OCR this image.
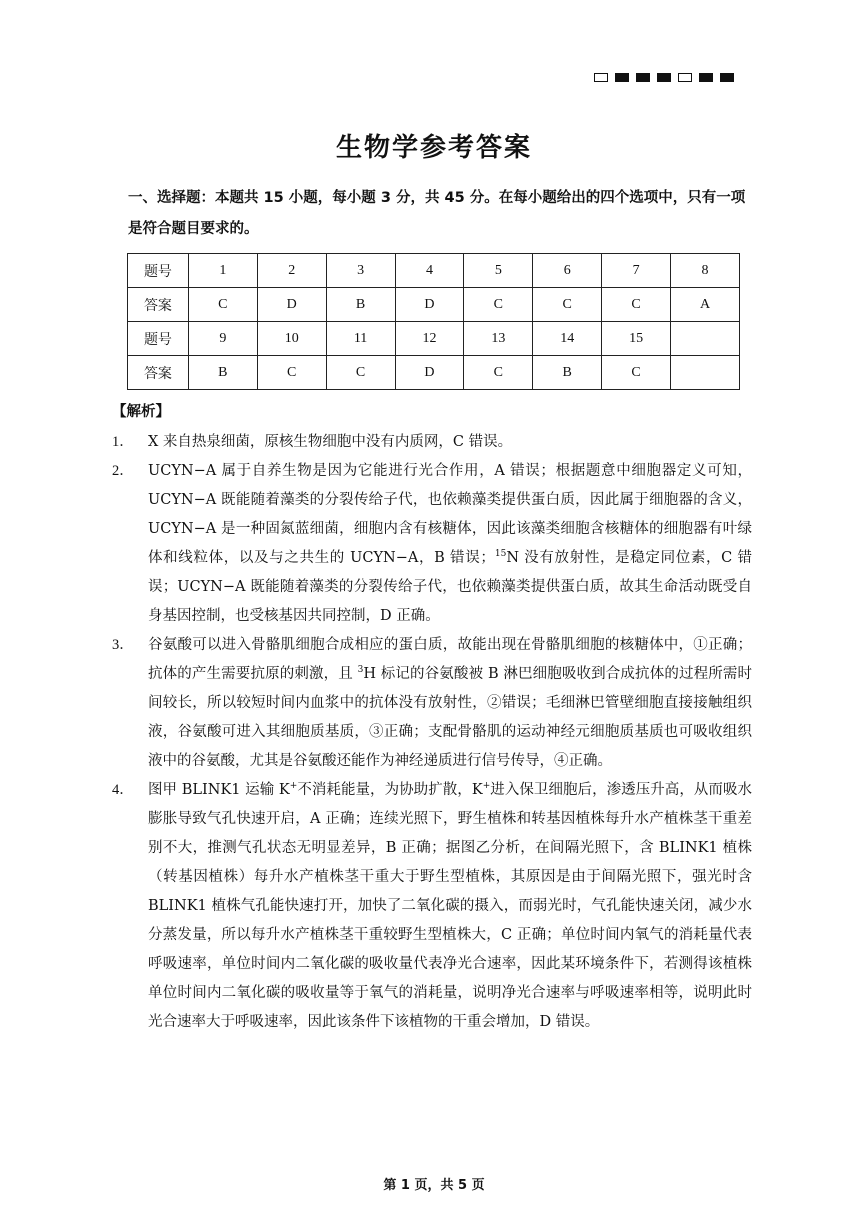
生物学参考答案
一、选择题：本题共 15 小题，每小题 3 分，共 45 分。在每小题给出的四个选项中，只有一项是符合题目要求的。
题号	1	2	3	4	5	6	7	8
答案	C	D	B	D	C	C	C	A
题号	9	10	11	12	13	14	15	
答案	B	C	C	D	C	B	C	
【解析】
1． X 来自热泉细菌，原核生物细胞中没有内质网，C 错误。
2． UCYN−A 属于自养生物是因为它能进行光合作用，A 错误；根据题意中细胞器定义可知，UCYN−A 既能随着藻类的分裂传给子代，也依赖藻类提供蛋白质，因此属于细胞器的含义，UCYN−A 是一种固氮蓝细菌，细胞内含有核糖体，因此该藻类细胞含核糖体的细胞器有叶绿体和线粒体，以及与之共生的 UCYN−A，B 错误；$^{15}$N 没有放射性，是稳定同位素，C 错误；UCYN−A 既能随着藻类的分裂传给子代，也依赖藻类提供蛋白质，故其生命活动既受自身基因控制，也受核基因共同控制，D 正确。
3． 谷氨酸可以进入骨骼肌细胞合成相应的蛋白质，故能出现在骨骼肌细胞的核糖体中，①正确；抗体的产生需要抗原的刺激，且 $^3$H 标记的谷氨酸被 B 淋巴细胞吸收到合成抗体的过程所需时间较长，所以较短时间内血浆中的抗体没有放射性，②错误；毛细淋巴管壁细胞直接接触组织液，谷氨酸可进入其细胞质基质，③正确；支配骨骼肌的运动神经元细胞质基质也可吸收组织液中的谷氨酸，尤其是谷氨酸还能作为神经递质进行信号传导，④正确。
4． 图甲 BLINK1 运输 K+不消耗能量，为协助扩散，K+进入保卫细胞后，渗透压升高，从而吸水膨胀导致气孔快速开启，A 正确；连续光照下，野生植株和转基因植株每升水产植株茎干重差别不大，推测气孔状态无明显差异，B 正确；据图乙分析，在间隔光照下，含 BLINK1 植株（转基因植株）每升水产植株茎干重大于野生型植株，其原因是由于间隔光照下，强光时含 BLINK1 植株气孔能快速打开，加快了二氧化碳的摄入，而弱光时，气孔能快速关闭，减少水分蒸发量，所以每升水产植株茎干重较野生型植株大，C 正确；单位时间内氧气的消耗量代表呼吸速率，单位时间内二氧化碳的吸收量代表净光合速率，因此某环境条件下，若测得该植株单位时间内二氧化碳的吸收量等于氧气的消耗量，说明净光合速率与呼吸速率相等，说明此时光合速率大于呼吸速率，因此该条件下该植物的干重会增加，D 错误。
第 1 页，共 5 页
